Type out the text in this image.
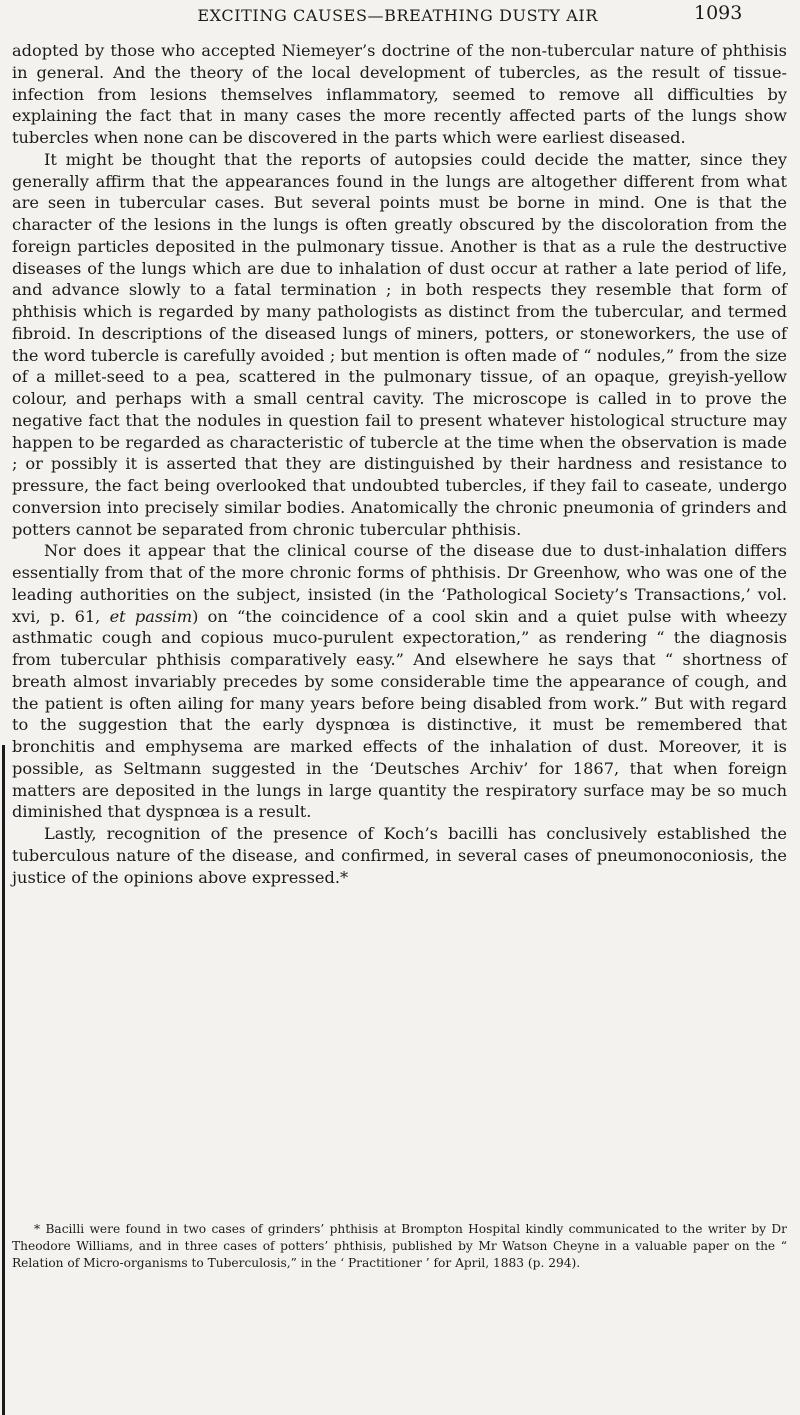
EXCITING CAUSES—BREATHING DUSTY AIR	1093

adopted by those who accepted Niemeyer’s doctrine of the non-tubercular nature of phthisis in general. And the theory of the local development of tubercles, as the result of tissue-infection from lesions themselves inflammatory, seemed to remove all difficulties by explaining the fact that in many cases the more recently affected parts of the lungs show tubercles when none can be discovered in the parts which were earliest diseased.

It might be thought that the reports of autopsies could decide the matter, since they generally affirm that the appearances found in the lungs are altogether different from what are seen in tubercular cases. But several points must be borne in mind. One is that the character of the lesions in the lungs is often greatly obscured by the discoloration from the foreign particles deposited in the pulmonary tissue. Another is that as a rule the destructive diseases of the lungs which are due to inhalation of dust occur at rather a late period of life, and advance slowly to a fatal termination ; in both respects they resemble that form of phthisis which is regarded by many pathologists as distinct from the tubercular, and termed fibroid. In descriptions of the diseased lungs of miners, potters, or stoneworkers, the use of the word tubercle is carefully avoided ; but mention is often made of “ nodules,” from the size of a millet-seed to a pea, scattered in the pulmonary tissue, of an opaque, greyish-yellow colour, and perhaps with a small central cavity. The microscope is called in to prove the negative fact that the nodules in question fail to present whatever histological structure may happen to be regarded as characteristic of tubercle at the time when the observation is made ; or possibly it is asserted that they are distinguished by their hardness and resistance to pressure, the fact being overlooked that undoubted tubercles, if they fail to caseate, undergo conversion into precisely similar bodies. Anatomically the chronic pneumonia of grinders and potters cannot be separated from chronic tubercular phthisis.

Nor does it appear that the clinical course of the disease due to dust-inhalation differs essentially from that of the more chronic forms of phthisis. Dr Greenhow, who was one of the leading authorities on the subject, insisted (in the ‘Pathological Society’s Transactions,’ vol. xvi, p. 61, et passim) on “the coincidence of a cool skin and a quiet pulse with wheezy asthmatic cough and copious muco-purulent expectoration,” as rendering “ the diagnosis from tubercular phthisis comparatively easy.” And elsewhere he says that “ shortness of breath almost invariably precedes by some considerable time the appearance of cough, and the patient is often ailing for many years before being disabled from work.” But with regard to the suggestion that the early dyspnœa is distinctive, it must be remembered that bronchitis and emphysema are marked effects of the inhalation of dust. Moreover, it is possible, as Seltmann suggested in the ‘Deutsches Archiv’ for 1867, that when foreign matters are deposited in the lungs in large quantity the respiratory surface may be so much diminished that dyspnœa is a result.

Lastly, recognition of the presence of Koch’s bacilli has conclusively established the tuberculous nature of the disease, and confirmed, in several cases of pneumonoconiosis, the justice of the opinions above expressed.*

* Bacilli were found in two cases of grinders’ phthisis at Brompton Hospital kindly communicated to the writer by Dr Theodore Williams, and in three cases of potters’ phthisis, published by Mr Watson Cheyne in a valuable paper on the “ Relation of Micro-organisms to Tuberculosis,” in the ‘ Practitioner ’ for April, 1883 (p. 294).
